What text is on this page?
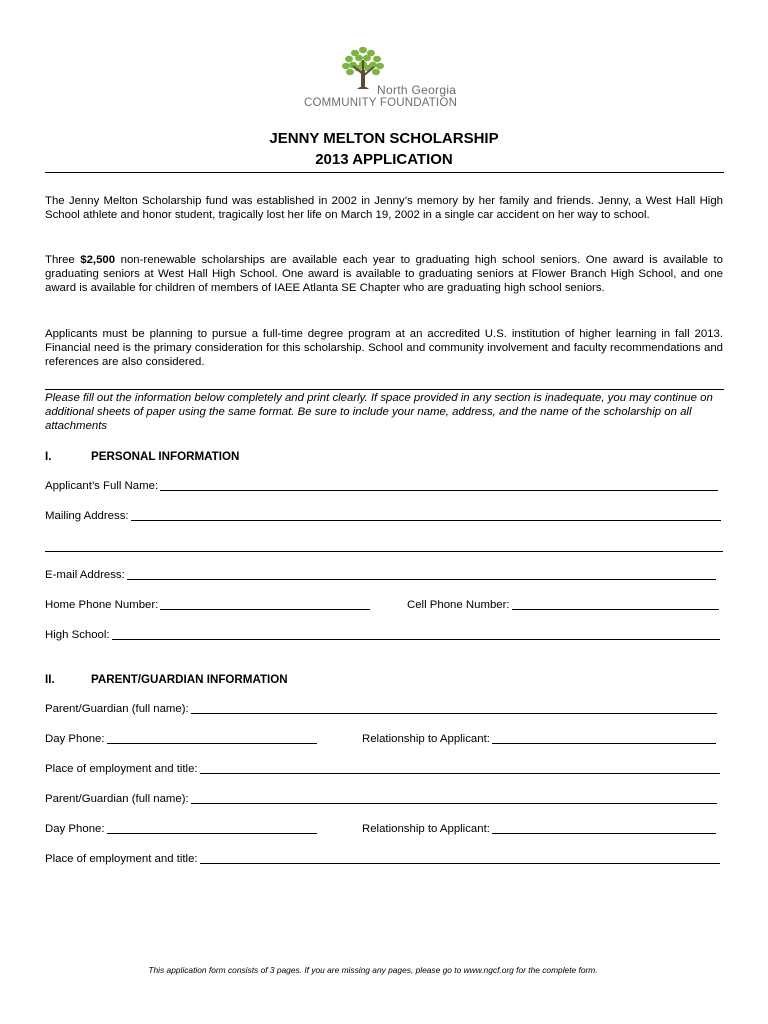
North Georgia
COMMUNITY FOUNDATION
JENNY MELTON SCHOLARSHIP
2013 APPLICATION
The Jenny Melton Scholarship fund was established in 2002 in Jenny’s memory by her family and friends. Jenny, a West Hall High School athlete and honor student, tragically lost her life on March 19, 2002 in a single car accident on her way to school.
Three $2,500 non-renewable scholarships are available each year to graduating high school seniors. One award is available to graduating seniors at West Hall High School. One award is available to graduating seniors at Flower Branch High School, and one award is available for children of members of IAEE Atlanta SE Chapter who are graduating high school seniors.
Applicants must be planning to pursue a full-time degree program at an accredited U.S. institution of higher learning in fall 2013. Financial need is the primary consideration for this scholarship. School and community involvement and faculty recommendations and references are also considered.
Please fill out the information below completely and print clearly. If space provided in any section is inadequate, you may continue on additional sheets of paper using the same format. Be sure to include your name, address, and the name of the scholarship on all attachments
I.	PERSONAL INFORMATION
Applicant’s Full Name:
Mailing Address:
E-mail Address:
Home Phone Number:	Cell Phone Number:
High School:
II.	PARENT/GUARDIAN INFORMATION
Parent/Guardian (full name):
Day Phone:	Relationship to Applicant:
Place of employment and title:
Parent/Guardian (full name):
Day Phone:	Relationship to Applicant:
Place of employment and title:
This application form consists of 3 pages. If you are missing any pages, please go to www.ngcf.org for the complete form.
